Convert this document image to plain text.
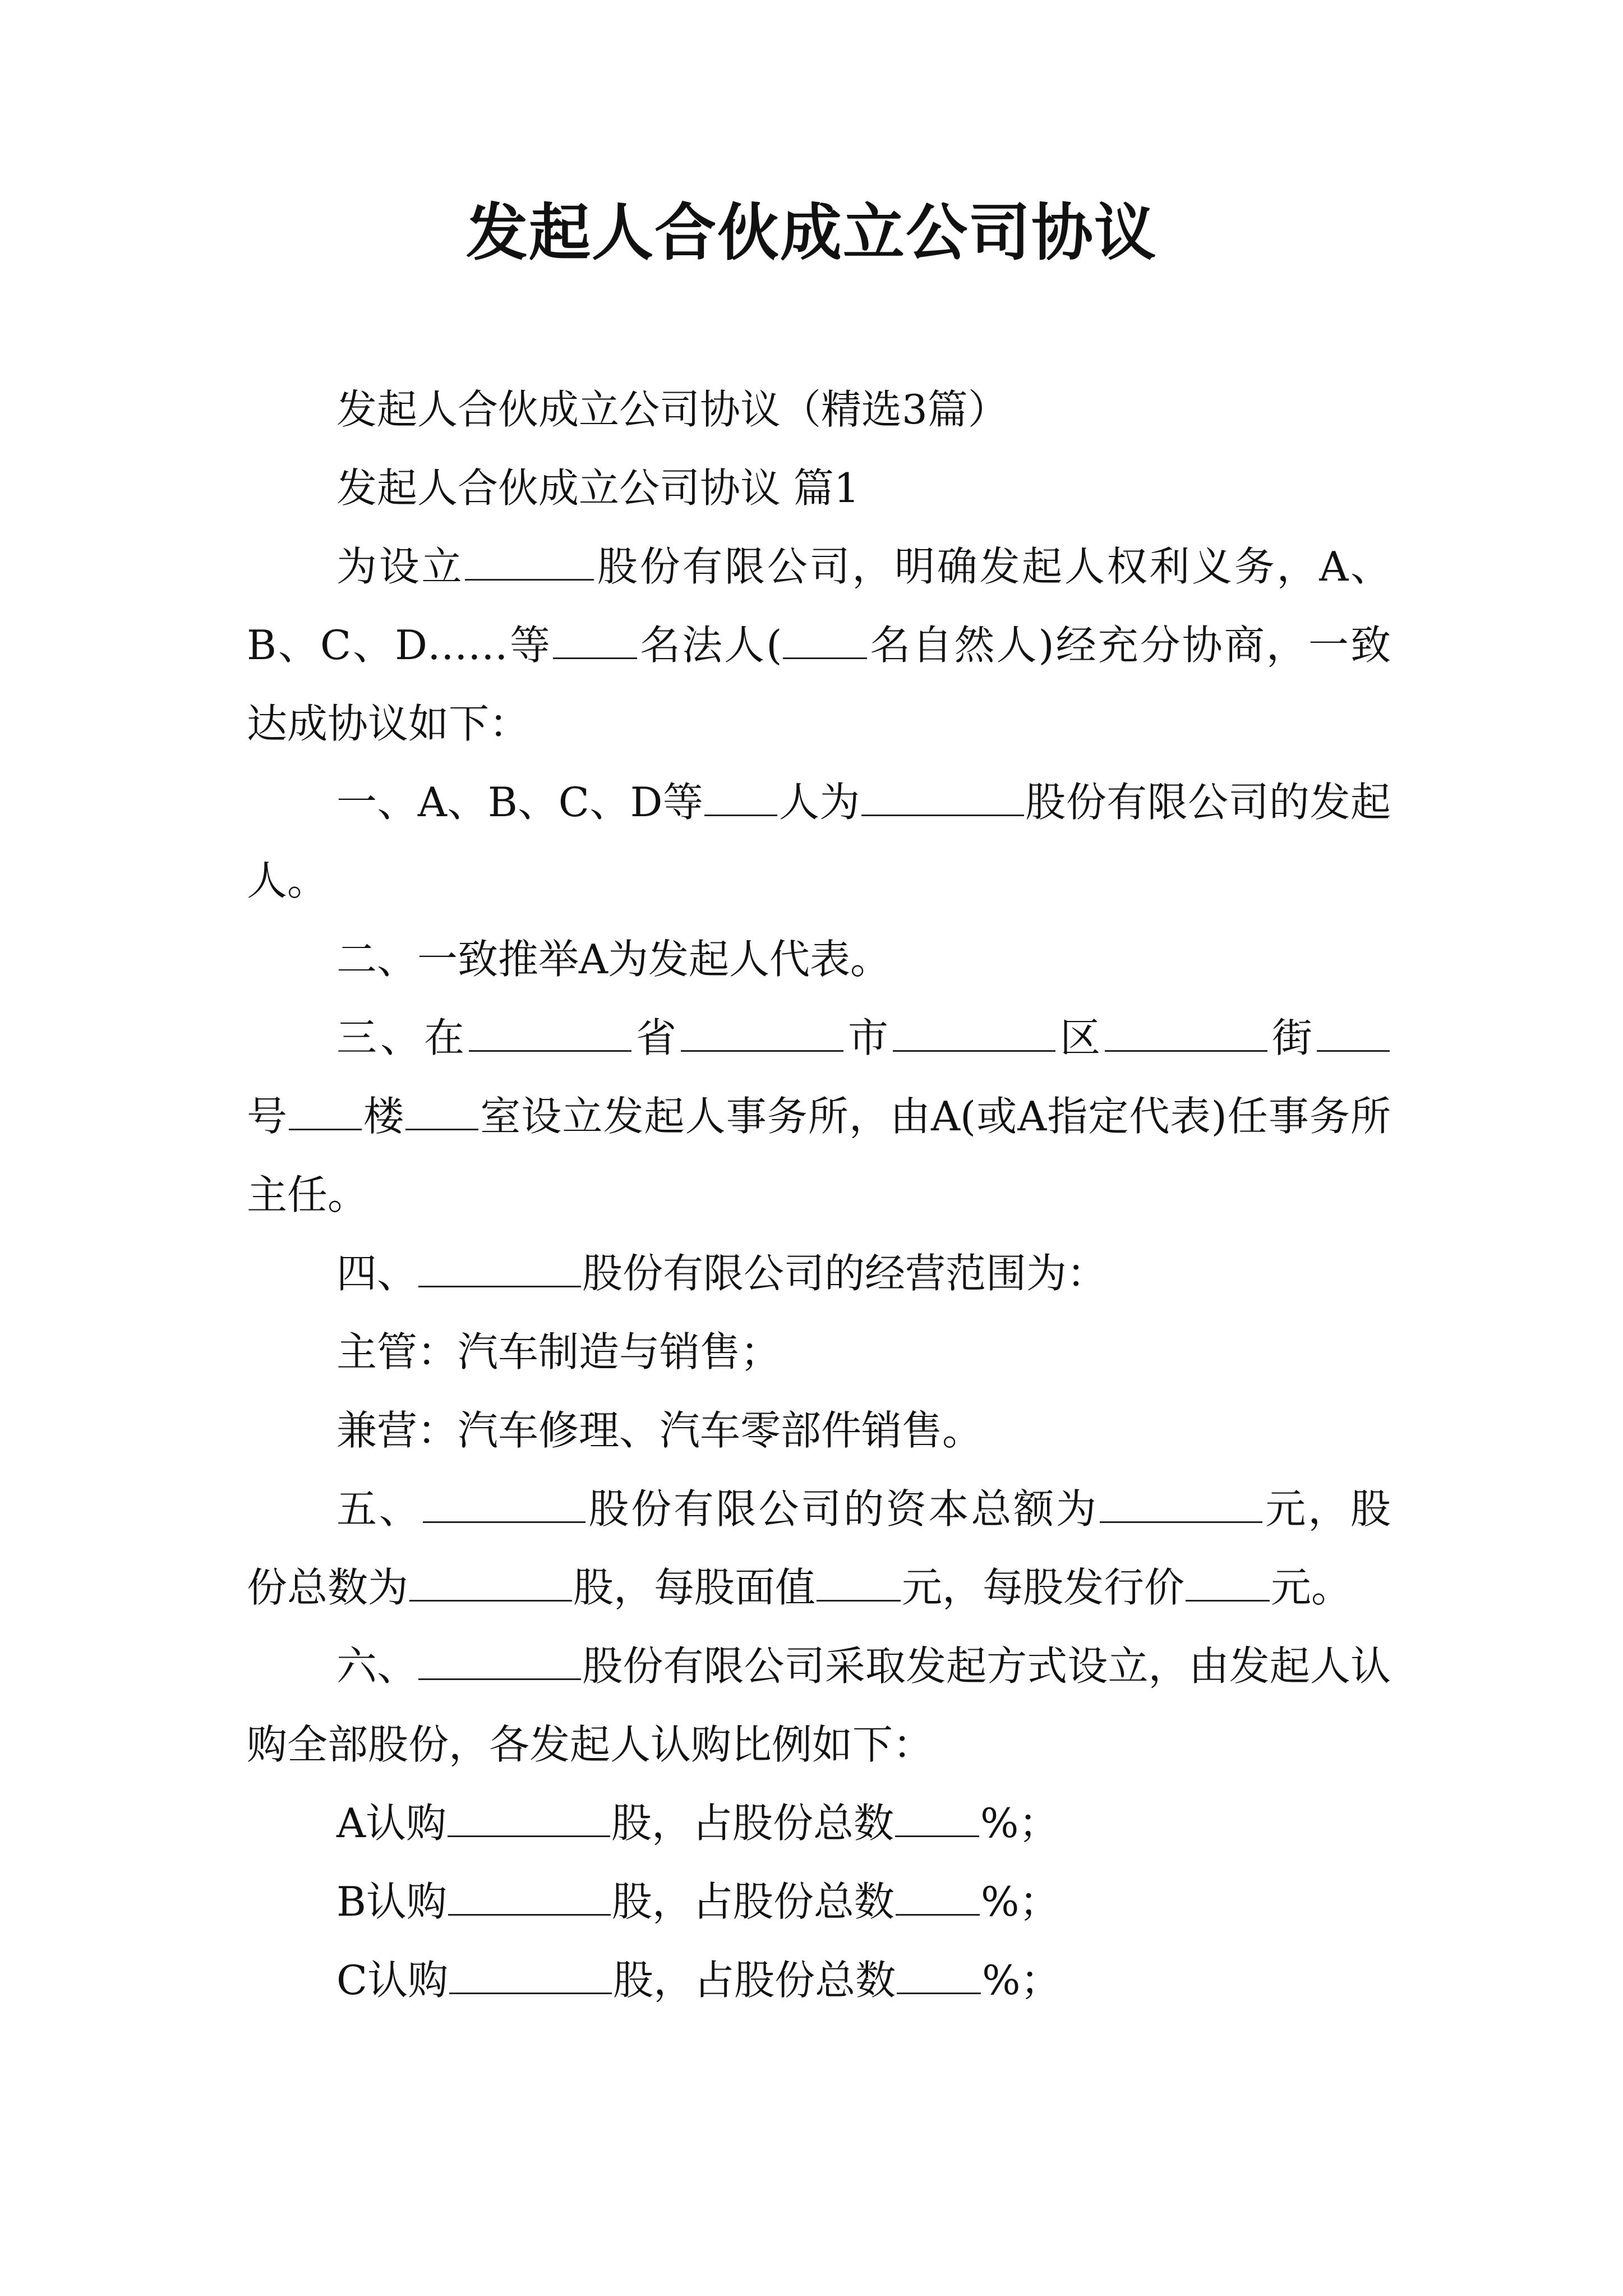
发起人合伙成立公司协议

发起人合伙成立公司协议（精选3篇）

发起人合伙成立公司协议 篇1

为设立	股份有限公司，明确发起人权利义务，A、B、C、D……等 名法人( 名自然人)经充分协商，一致达成协议如下：

一、A、B、C、D等 人为	股份有限公司的发起人。

二、一致推举A为发起人代表。

三、在	省	市	区	街号 楼 室设立发起人事务所，由A(或A指定代表)任事务所主任。

四、	股份有限公司的经营范围为：

主管：汽车制造与销售；

兼营：汽车修理、汽车零部件销售。

五、	股份有限公司的资本总额为	元，股份总数为	股，每股面值 元，每股发行价 元。

六、	股份有限公司采取发起方式设立，由发起人认购全部股份，各发起人认购比例如下：

A认购	股，占股份总数 %；

B认购	股，占股份总数 %；

C认购	股，占股份总数 %；
